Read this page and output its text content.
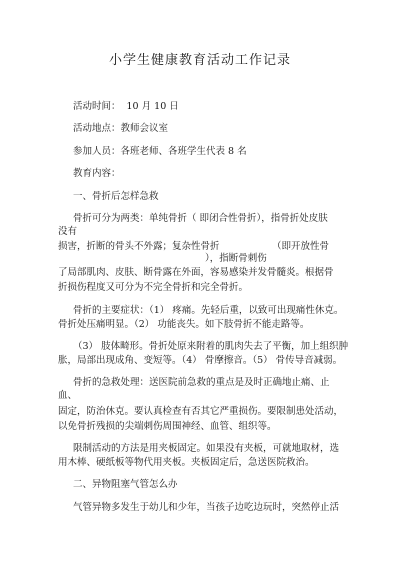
小学生健康教育活动工作记录
活动时间： 10 月 10 日
活动地点：教师会议室
参加人员：各班老师、各班学生代表 8 名
教育内容：
一、骨折后怎样急救
骨折可分为两类：单纯骨折（ 即闭合性骨折），指骨折处皮肤
没有
损害，折断的骨头不外露；复杂性骨折	（即开放性骨
），指断骨刺伤
了局部肌肉、皮肤、断骨露在外面，容易感染并发骨髓炎。根据骨
折损伤程度又可分为不完全骨折和完全骨折。
骨折的主要症状：（1） 疼痛。先轻后重，以致可出现痛性休克。
骨折处压痛明显。（2） 功能丧失。如下肢骨折不能走路等。
（3） 肢体畸形。骨折处原来附着的肌肉失去了平衡，加上组织肿
胀，局部出现成角、变短等。（4） 骨摩擦音。（5） 骨传导音减弱。
骨折的急救处理：送医院前急救的重点是及时正确地止痛、止
血、
固定，防治休克。要认真检查有否其它严重损伤。要限制患处活动，
以免骨折残损的尖端刺伤周围神经、血管、组织等。
限制活动的方法是用夹板固定。如果没有夹板，可就地取材，选
用木棒、硬纸板等物代用夹板。夹板固定后，急送医院救治。
二、异物阻塞气管怎么办
气管异物多发生于幼儿和少年，当孩子边吃边玩时，突然停止活
